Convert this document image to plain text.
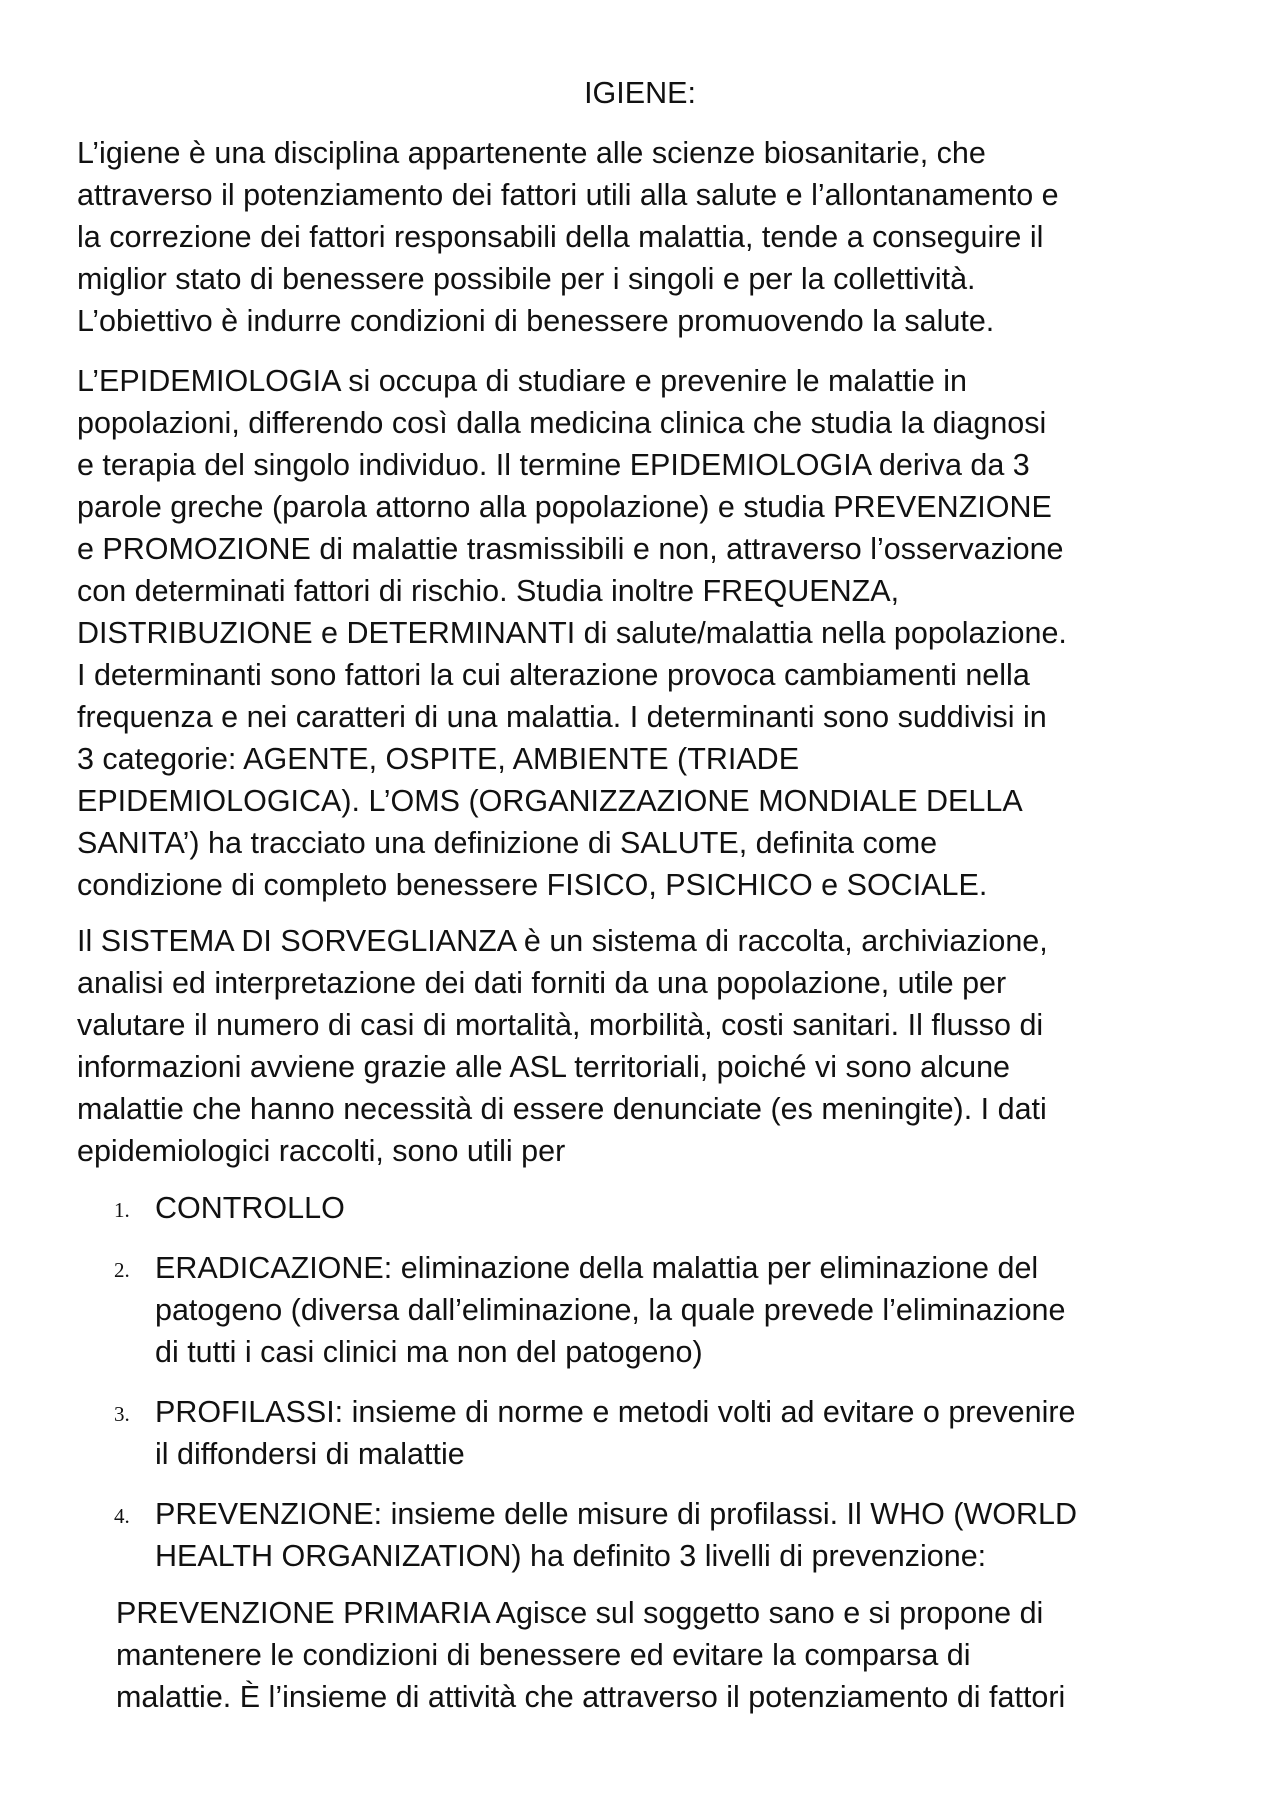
IGIENE:
L’igiene è una disciplina appartenente alle scienze biosanitarie, che
attraverso il potenziamento dei fattori utili alla salute e l’allontanamento e
la correzione dei fattori responsabili della malattia, tende a conseguire il
miglior stato di benessere possibile per i singoli e per la collettività.
L’obiettivo è indurre condizioni di benessere promuovendo la salute.
L’EPIDEMIOLOGIA si occupa di studiare e prevenire le malattie in
popolazioni, differendo così dalla medicina clinica che studia la diagnosi
e terapia del singolo individuo. Il termine EPIDEMIOLOGIA deriva da 3
parole greche (parola attorno alla popolazione) e studia PREVENZIONE
e PROMOZIONE di malattie trasmissibili e non, attraverso l’osservazione
con determinati fattori di rischio. Studia inoltre FREQUENZA,
DISTRIBUZIONE e DETERMINANTI di salute/malattia nella popolazione.
I determinanti sono fattori la cui alterazione provoca cambiamenti nella
frequenza e nei caratteri di una malattia. I determinanti sono suddivisi in
3 categorie: AGENTE, OSPITE, AMBIENTE (TRIADE
EPIDEMIOLOGICA). L’OMS (ORGANIZZAZIONE MONDIALE DELLA
SANITA’) ha tracciato una definizione di SALUTE, definita come
condizione di completo benessere FISICO, PSICHICO e SOCIALE.
Il SISTEMA DI SORVEGLIANZA è un sistema di raccolta, archiviazione,
analisi ed interpretazione dei dati forniti da una popolazione, utile per
valutare il numero di casi di mortalità, morbilità, costi sanitari. Il flusso di
informazioni avviene grazie alle ASL territoriali, poiché vi sono alcune
malattie che hanno necessità di essere denunciate (es meningite). I dati
epidemiologici raccolti, sono utili per
1. CONTROLLO
2. ERADICAZIONE: eliminazione della malattia per eliminazione del
patogeno (diversa dall’eliminazione, la quale prevede l’eliminazione
di tutti i casi clinici ma non del patogeno)
3. PROFILASSI: insieme di norme e metodi volti ad evitare o prevenire
il diffondersi di malattie
4. PREVENZIONE: insieme delle misure di profilassi. Il WHO (WORLD
HEALTH ORGANIZATION) ha definito 3 livelli di prevenzione:
PREVENZIONE PRIMARIA Agisce sul soggetto sano e si propone di
mantenere le condizioni di benessere ed evitare la comparsa di
malattie. È l’insieme di attività che attraverso il potenziamento di fattori
